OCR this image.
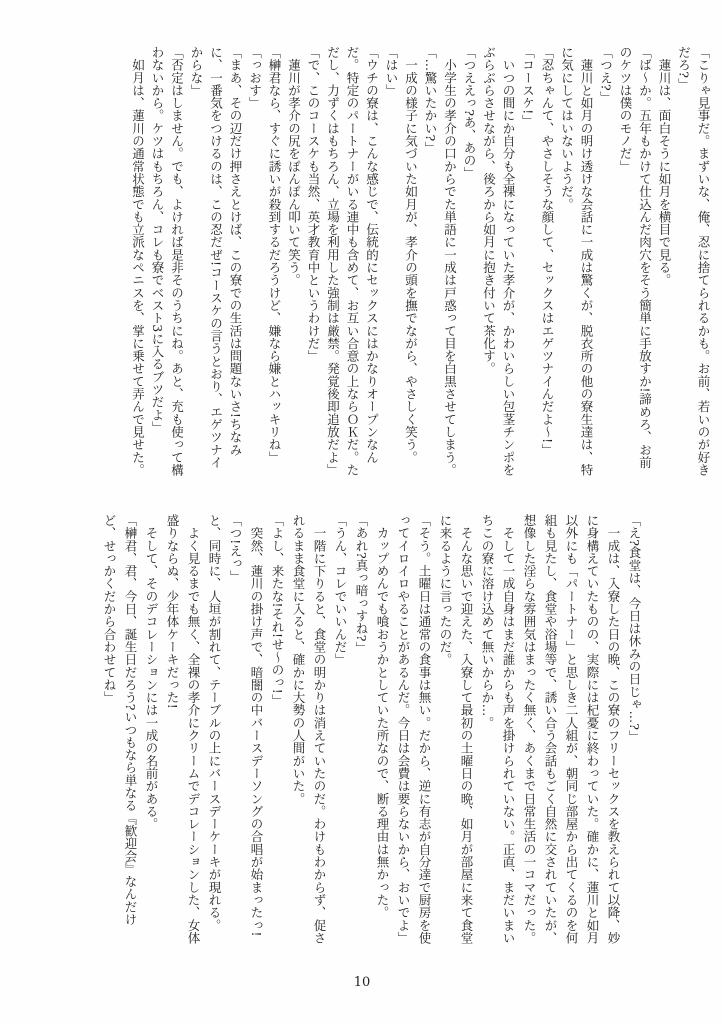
「こりゃ見事だ。まずいな、俺、忍に捨てられるかも。お前、若いのが好き
だろ?」
　蓮川は、面白そうに如月を横目で見る。
「ば〜か。五年もかけて仕込んだ肉穴をそう簡単に手放すか!諦めろ、お前
のケツは僕のモノだ」
「つえ?」
　蓮川と如月の明け透けな会話に一成は驚くが、脱衣所の他の寮生達は、特
に気にしてはいないようだ。
「忍ちゃんて、やさしそうな顔して、セックスはエゲツナイんだよ〜!」
「コースケ!」
　いつの間にか自分も全裸になっていた孝介が、かわいらしい包茎チンポを
ぶらぶらさせながら、後ろから如月に抱き付いて茶化す。
「つええっ?あ、あの」
　小学生の孝介の口からでた単語に一成は戸惑って目を白黒させてしまう。
「…驚いたかい?」
　一成の様子に気づいた如月が、孝介の頭を撫でながら、やさしく笑う。
「はい」
「ウチの寮は、こんな感じで、伝統的にセックスにはかなりオープンなん
だ。特定のパートナーがいる連中も含めて、お互い合意の上ならＯＫだ。た
だし、力ずくはもちろん、立場を利用した強制は厳禁。発覚後即追放だよ」
「で、このコースケも当然、英才教育中というわけだ」
　蓮川が孝介の尻をぽんぽん叩いて笑う。
「榊君なら、すぐに誘いが殺到するだろうけど、嫌なら嫌とハッキリね」
「っおす」
「まあ、その辺だけ押さえとけば、この寮での生活は問題ないさ!ちなみ
に、一番気をつけるのは、この忍だぜ!コースケの言うとおり、エゲツナイ
からな」
「否定はしません。でも、よければ是非そのうちにね。あと、充も使って構
わないから。ケツはもちろん、コレも寮でベスト3に入るブツだよ」
　如月は、蓮川の通常状態でも立派なペニスを、掌に乗せて弄んで見せた。
「え?食堂は、今日は休みの日じゃ…?」
　一成は、入寮した日の晩、この寮のフリーセックスを教えられて以降、妙
に身構えていたものの、実際には杞憂に終わっていた。確かに、蓮川と如月
以外にも「パートナー」と思しき二人組が、朝同じ部屋から出てくるのを何
組も見たし、食堂や浴場等で、誘い合う会話もごく自然に交されていたが、
想像した淫らな雰囲気はまったく無く、あくまで日常生活の一コマだった。
　そして一成自身はまだ誰からも声を掛けられていない。正直、まだいまい
ちこの寮に溶け込めて無いからか…。
　そんな思いで迎えた、入寮して最初の土曜日の晩、如月が部屋に来て食堂
に来るように言ったのだ。
「そう。土曜日は通常の食事は無い。だから、逆に有志が自分達で厨房を使
ってイロイロやることがあるんだ。今日は会費は要らないから、おいでよ」
　カップめんでも喰おうかとしていた所なので、断る理由は無かった。
「あれ?真っ暗っすね?」
「うん、コレでいいんだ」
　一階に下りると、食堂の明かりは消えていたのだ。わけもわからず、促さ
れるまま食堂に入ると、確かに大勢の人間がいた。
「よし、来たな!それ!せ〜のっ!」
　突然、蓮川の掛け声で、暗闇の中バースデーソングの合唱が始まったっ!
「つ!えっ」
と、同時に、人垣が割れて、テーブルの上にバースデーケーキが現れる。
　よく見るまでも無く、全裸の孝介にクリームでデコレーションした、女体
盛りならぬ、少年体ケーキだった!
　そして、そのデコレーションには一成の名前がある。
「榊君、君、今日、誕生日だろう?いつもなら単なる『歓迎会』なんだけ
ど、せっかくだから合わせてね」
10
